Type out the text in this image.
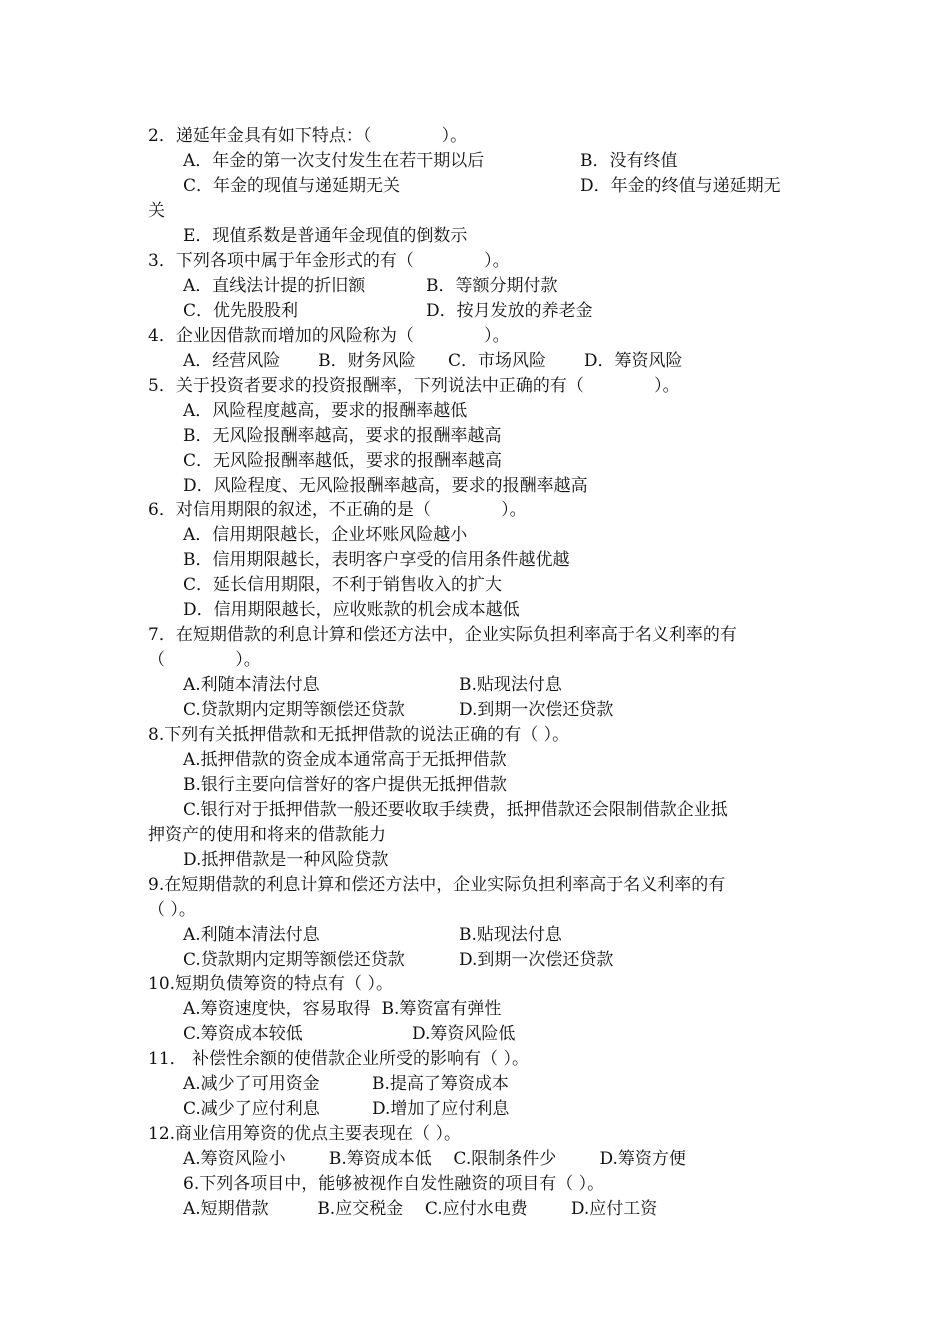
2．递延年金具有如下特点：（             ）。
A．年金的第一次支付发生在若干期以后	B．没有终值
C．年金的现值与递延期无关	D．年金的终值与递延期无
关
E．现值系数是普通年金现值的倒数示
3．下列各项中属于年金形式的有（             ）。
A．直线法计提的折旧额	B．等额分期付款
C．优先股股利	D．按月发放的养老金
4．企业因借款而增加的风险称为（             ）。
A．经营风险       B．财务风险      C．市场风险       D．筹资风险
5．关于投资者要求的投资报酬率，下列说法中正确的有（             ）。
A．风险程度越高，要求的报酬率越低
B．无风险报酬率越高，要求的报酬率越高
C．无风险报酬率越低，要求的报酬率越高
D．风险程度、无风险报酬率越高，要求的报酬率越高
6．对信用期限的叙述，不正确的是（             ）。
A．信用期限越长，企业坏账风险越小
B．信用期限越长，表明客户享受的信用条件越优越
C．延长信用期限，不利于销售收入的扩大
D．信用期限越长，应收账款的机会成本越低
7．在短期借款的利息计算和偿还方法中，企业实际负担利率高于名义利率的有
（             ）。
A.利随本清法付息	B.贴现法付息
C.贷款期内定期等额偿还贷款	D.到期一次偿还贷款
8.下列有关抵押借款和无抵押借款的说法正确的有（ ）。
A.抵押借款的资金成本通常高于无抵押借款
B.银行主要向信誉好的客户提供无抵押借款
C.银行对于抵押借款一般还要收取手续费，抵押借款还会限制借款企业抵
押资产的使用和将来的借款能力
D.抵押借款是一种风险贷款
9.在短期借款的利息计算和偿还方法中，企业实际负担利率高于名义利率的有
（ ）。
A.利随本清法付息	B.贴现法付息
C.贷款期内定期等额偿还贷款	D.到期一次偿还贷款
10.短期负债筹资的特点有（ ）。
A.筹资速度快，容易取得  B.筹资富有弹性
C.筹资成本较低	D.筹资风险低
11． 补偿性余额的使借款企业所受的影响有（ ）。
A.减少了可用资金	B.提高了筹资成本
C.减少了应付利息	D.增加了应付利息
12.商业信用筹资的优点主要表现在（ ）。
A.筹资风险小        B.筹资成本低    C.限制条件少        D.筹资方便
6.下列各项目中，能够被视作自发性融资的项目有（ ）。
A.短期借款         B.应交税金    C.应付水电费        D.应付工资
